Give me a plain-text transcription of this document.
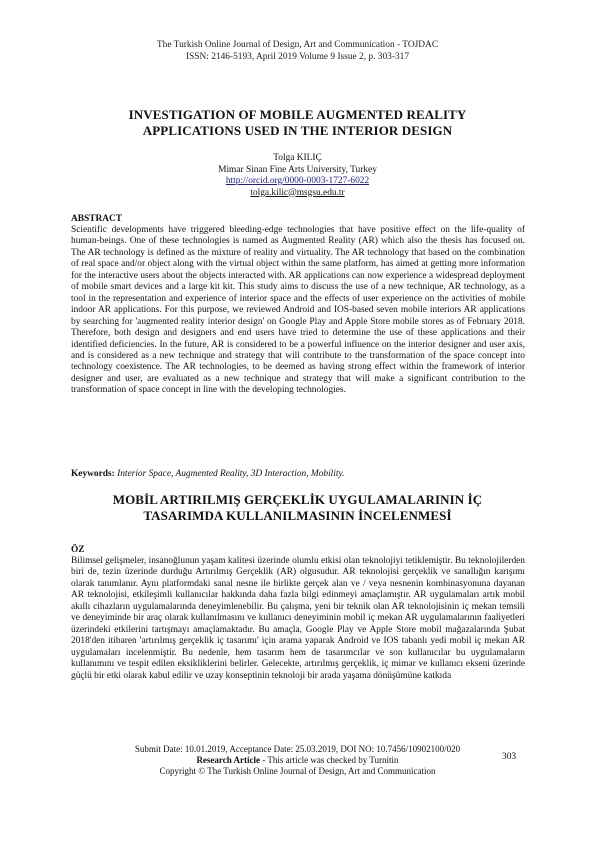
The Turkish Online Journal of Design, Art and Communication - TOJDAC
ISSN: 2146-5193, April 2019 Volume 9 Issue 2, p. 303-317
INVESTIGATION OF MOBILE AUGMENTED REALITY
APPLICATIONS USED IN THE INTERIOR DESIGN
Tolga KILIÇ
Mimar Sinan Fine Arts University, Turkey
http://orcid.org/0000-0003-1727-6022
tolga.kilic@msgsu.edu.tr
ABSTRACT
Scientific developments have triggered bleeding-edge technologies that have positive effect on the life-quality of human-beings. One of these technologies is named as Augmented Reality (AR) which also the thesis has focused on. The AR technology is defined as the mixture of reality and virtuality. The AR technology that based on the combination of real space and/or object along with the virtual object within the same platform, has aimed at getting more information for the interactive users about the objects interacted with. AR applications can now experience a widespread deployment of mobile smart devices and a large kit kit. This study aims to discuss the use of a new technique, AR technology, as a tool in the representation and experience of interior space and the effects of user experience on the activities of mobile indoor AR applications. For this purpose, we reviewed Android and IOS-based seven mobile interiors AR applications by searching for 'augmented reality interior design' on Google Play and Apple Store mobile stores as of February 2018. Therefore, both design and designers and end users have tried to determine the use of these applications and their identified deficiencies. In the future, AR is considered to be a powerful influence on the interior designer and user axis, and is considered as a new technique and strategy that will contribute to the transformation of the space concept into technology coexistence. The AR technologies, to be deemed as having strong effect within the framework of interior designer and user, are evaluated as a new technique and strategy that will make a significant contribution to the transformation of space concept in line with the developing technologies.
Keywords: Interior Space, Augmented Reality, 3D Interaction, Mobility.
MOBİL ARTIRILMIŞ GERÇEKLİK UYGULAMALARININ İÇ
TASARIMDA KULLANILMASININ İNCELENMESİ
ÖZ
Bilimsel gelişmeler, insanoğlunun yaşam kalitesi üzerinde olumlu etkisi olan teknolojiyi tetiklemiştir. Bu teknolojilerden biri de, tezin üzerinde durduğu Artırılmış Gerçeklik (AR) olgusudur. AR teknolojisi gerçeklik ve sanallığın karışımı olarak tanımlanır. Aynı platformdaki sanal nesne ile birlikte gerçek alan ve / veya nesnenin kombinasyonuna dayanan AR teknolojisi, etkileşimli kullanıcılar hakkında daha fazla bilgi edinmeyi amaçlamıştır. AR uygulamaları artık mobil akıllı cihazların uygulamalarında deneyimlenebilir. Bu çalışma, yeni bir teknik olan AR teknolojisinin iç mekan temsili ve deneyiminde bir araç olarak kullanılmasını ve kullanıcı deneyiminin mobil iç mekan AR uygulamalarının faaliyetleri üzerindeki etkilerini tartışmayı amaçlamaktadır. Bu amaçla, Google Play ve Apple Store mobil mağazalarında Şubat 2018'den itibaren 'artırılmış gerçeklik iç tasarımı' için arama yaparak Android ve IOS tabanlı yedi mobil iç mekan AR uygulamaları incelenmiştir. Bu nedenle, hem tasarım hem de tasarımcılar ve son kullanıcılar bu uygulamaların kullanımını ve tespit edilen eksikliklerini belirler. Gelecekte, artırılmış gerçeklik, iç mimar ve kullanıcı ekseni üzerinde güçlü bir etki olarak kabul edilir ve uzay konseptinin teknoloji bir arada yaşama dönüşümüne katkıda
Submit Date: 10.01.2019, Acceptance Date: 25.03.2019, DOI NO: 10.7456/10902100/020
Research Article - This article was checked by Turnitin
Copyright © The Turkish Online Journal of Design, Art and Communication
303
